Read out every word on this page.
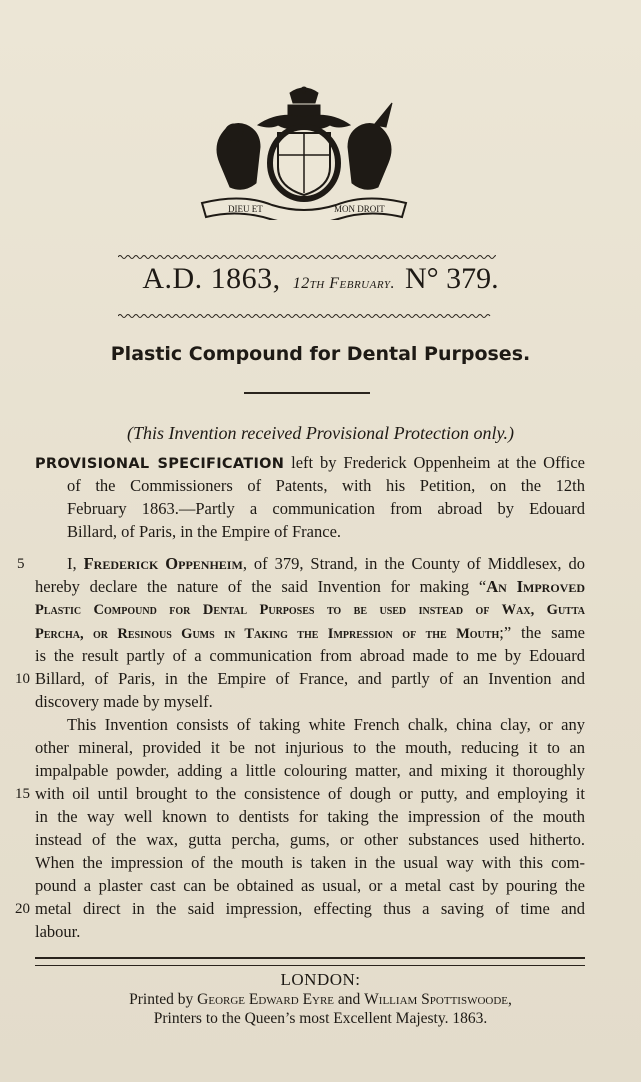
DIEU ET	MON DROIT
A.D. 1863, 12th February. N° 379.
Plastic Compound for Dental Purposes.
(This Invention received Provisional Protection only.)
PROVISIONAL SPECIFICATION left by Frederick Oppenheim at the Office
of the Commissioners of Patents, with his Petition, on the 12th
February 1863.—Partly a communication from abroad by Edouard
Billard, of Paris, in the Empire of France.
5	I, Frederick Oppenheim, of 379, Strand, in the County of Middlesex, do
hereby declare the nature of the said Invention for making “An Improved
Plastic Compound for Dental Purposes to be used instead of Wax, Gutta
Percha, or Resinous Gums in Taking the Impression of the Mouth;” the same
is the result partly of a communication from abroad made to me by Edouard
10 Billard, of Paris, in the Empire of France, and partly of an Invention and
discovery made by myself.
This Invention consists of taking white French chalk, china clay, or any
other mineral, provided it be not injurious to the mouth, reducing it to an
impalpable powder, adding a little colouring matter, and mixing it thoroughly
15 with oil until brought to the consistence of dough or putty, and employing it
in the way well known to dentists for taking the impression of the mouth
instead of the wax, gutta percha, gums, or other substances used hitherto.
When the impression of the mouth is taken in the usual way with this com-
pound a plaster cast can be obtained as usual, or a metal cast by pouring the
20 metal direct in the said impression, effecting thus a saving of time and
labour.
LONDON:
Printed by George Edward Eyre and William Spottiswoode,
Printers to the Queen’s most Excellent Majesty. 1863.
